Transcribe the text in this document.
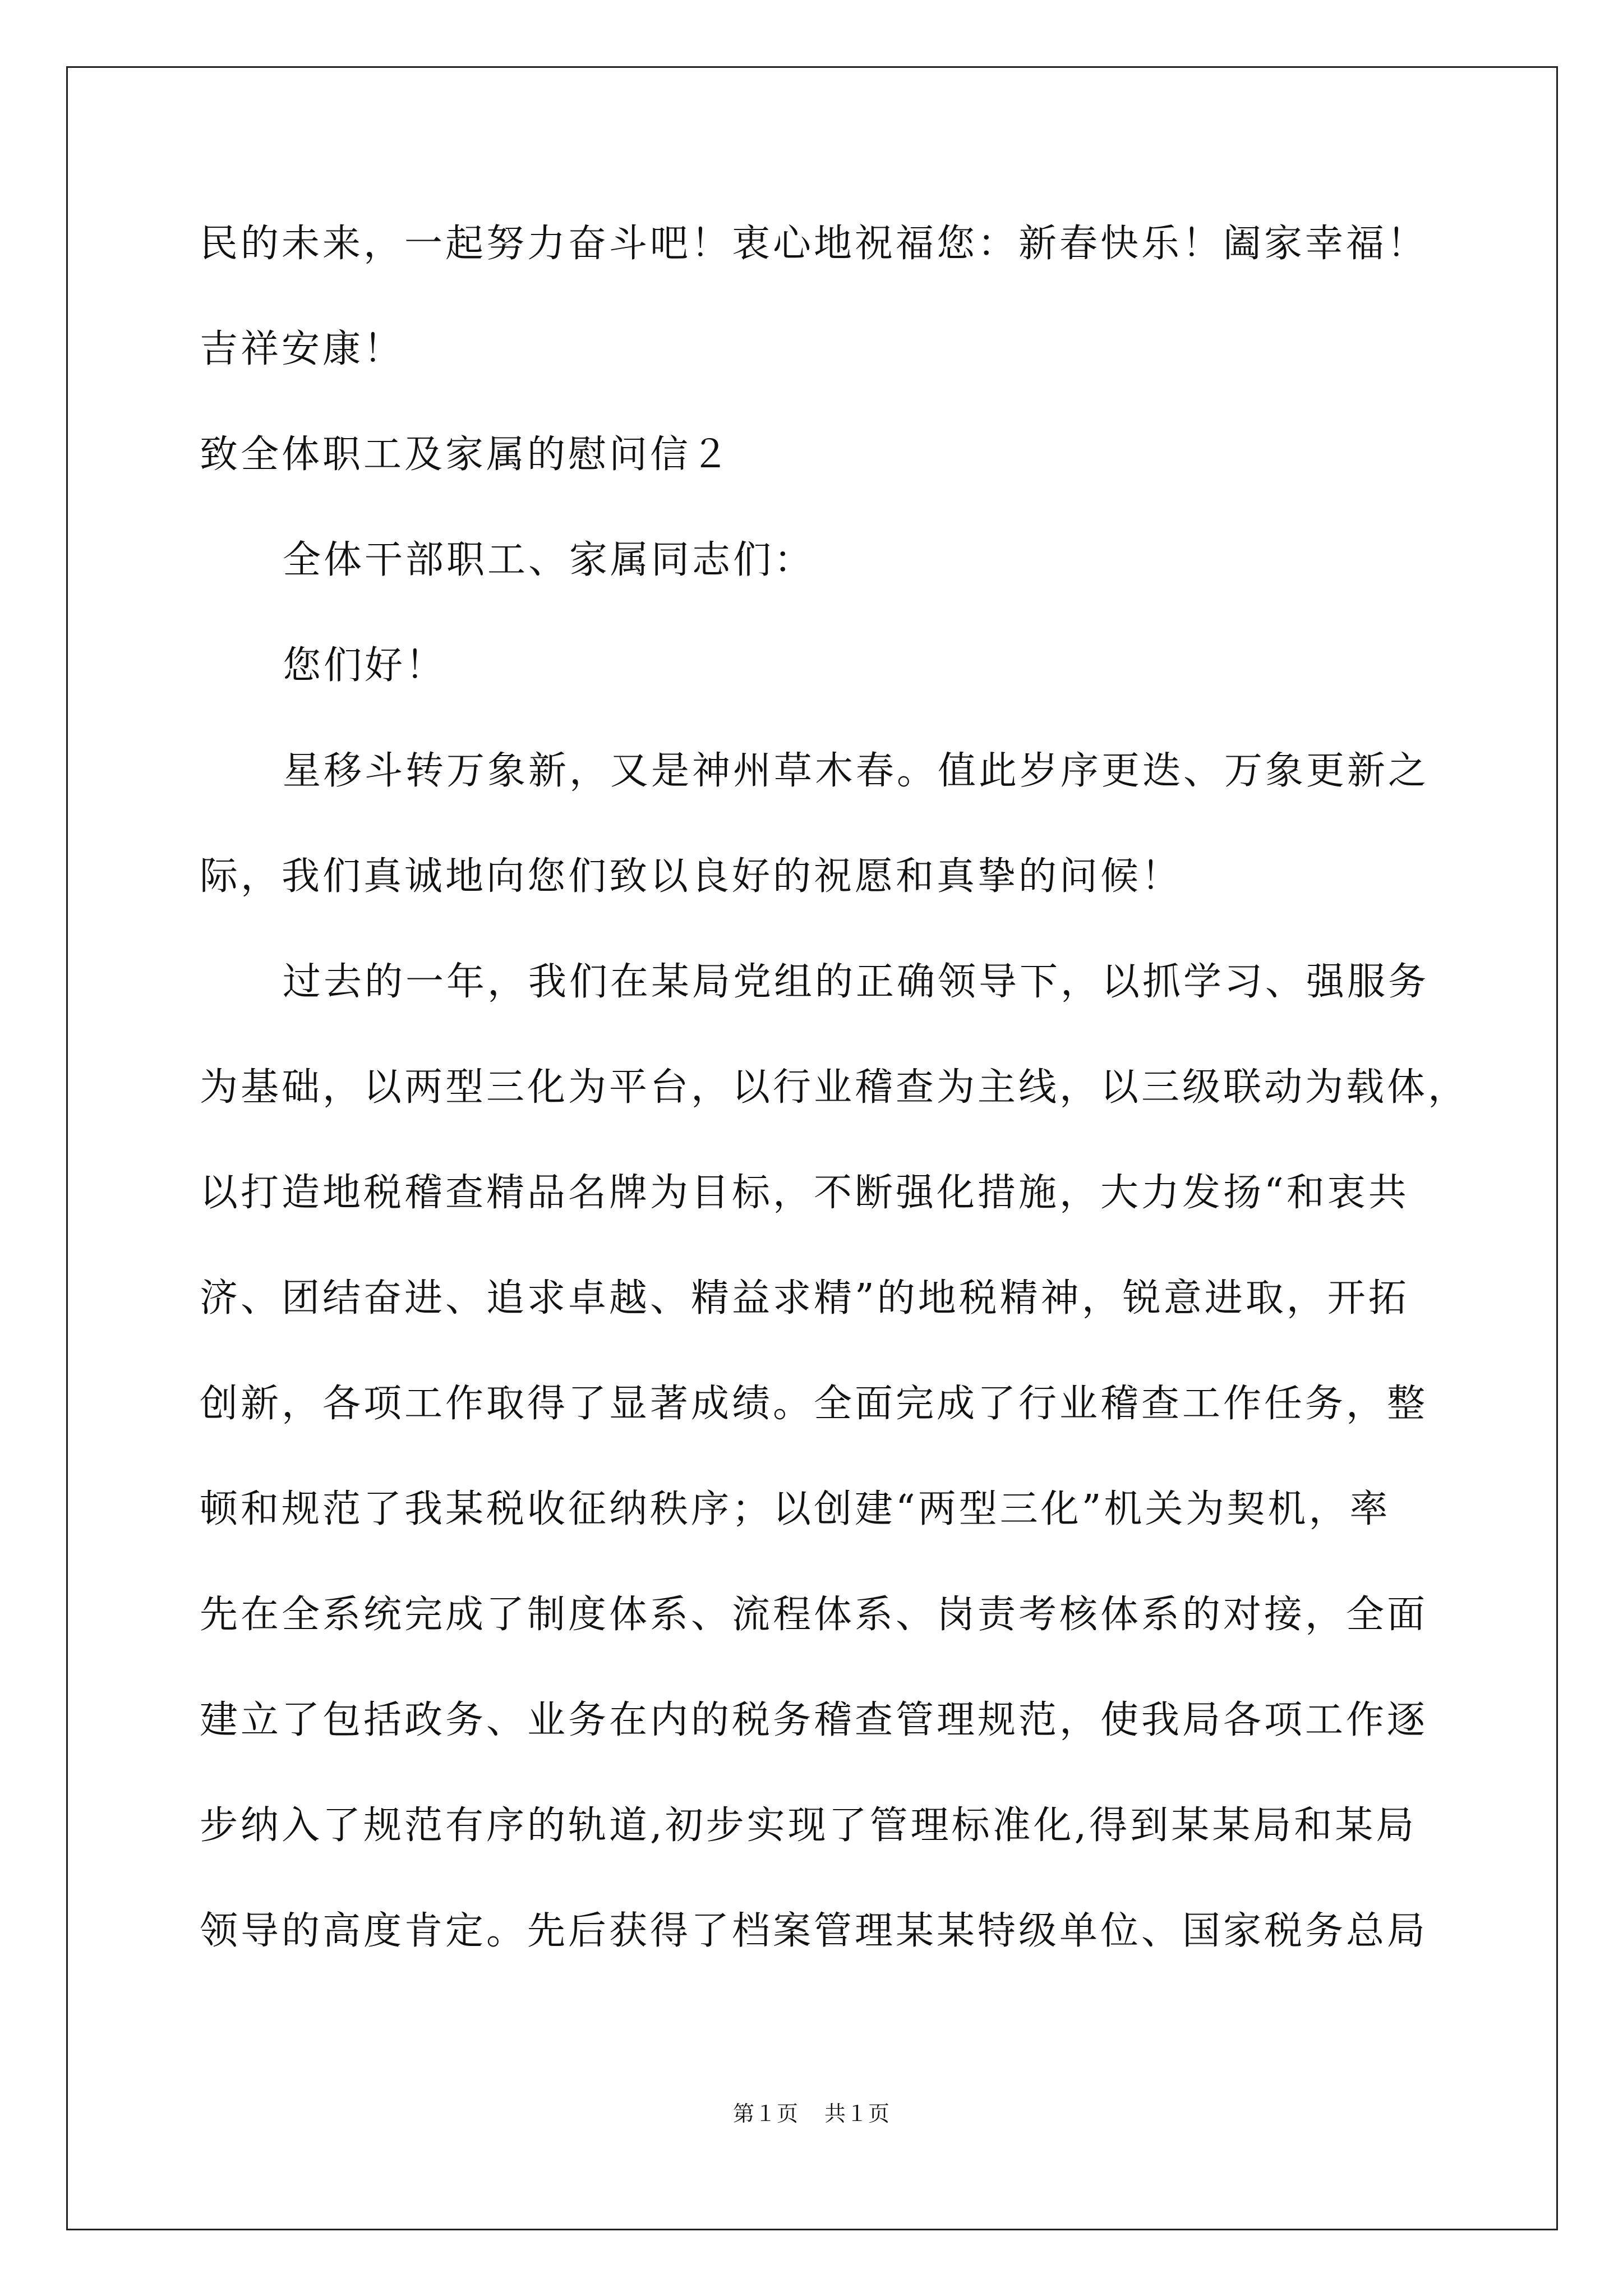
民的未来，一起努力奋斗吧！衷心地祝福您：新春快乐！阖家幸福！
吉祥安康！
致全体职工及家属的慰问信２
全体干部职工、家属同志们：
您们好！
星移斗转万象新，又是神州草木春。值此岁序更迭、万象更新之
际，我们真诚地向您们致以良好的祝愿和真挚的问候！
过去的一年，我们在某局党组的正确领导下，以抓学习、强服务
为基础，以两型三化为平台，以行业稽查为主线，以三级联动为载体，
以打造地税稽查精品名牌为目标，不断强化措施，大力发扬“和衷共
济、团结奋进、追求卓越、精益求精”的地税精神，锐意进取，开拓
创新，各项工作取得了显著成绩。全面完成了行业稽查工作任务，整
顿和规范了我某税收征纳秩序；以创建“两型三化”机关为契机，率
先在全系统完成了制度体系、流程体系、岗责考核体系的对接，全面
建立了包括政务、业务在内的税务稽查管理规范，使我局各项工作逐
步纳入了规范有序的轨道,初步实现了管理标准化,得到某某局和某局
领导的高度肯定。先后获得了档案管理某某特级单位、国家税务总局
第１页 共１页
